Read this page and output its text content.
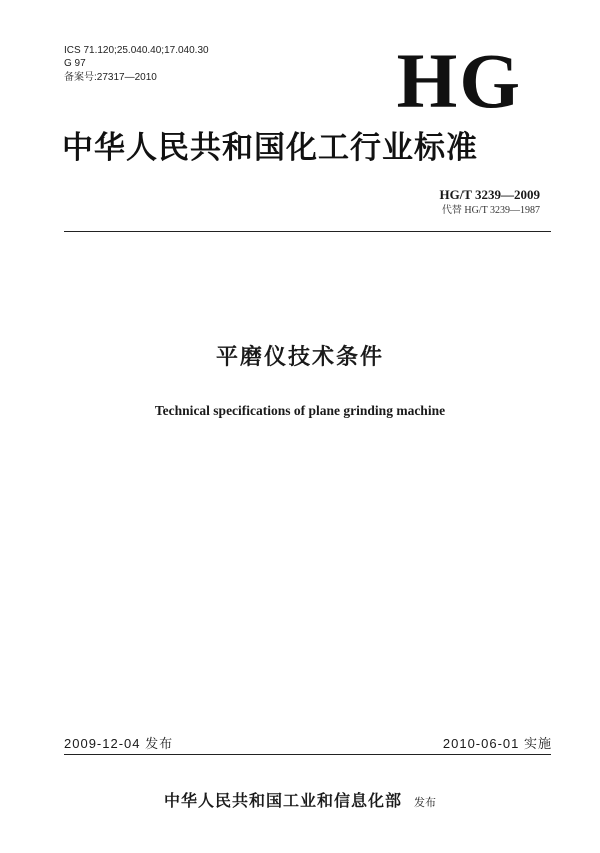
ICS 71.120;25.040.40;17.040.30
G 97
备案号:27317—2010	HG
中华人民共和国化工行业标准
HG/T 3239—2009
代替 HG/T 3239—1987
平磨仪技术条件
Technical specifications of plane grinding machine
2009-12-04 发布	2010-06-01 实施
中华人民共和国工业和信息化部 发布
